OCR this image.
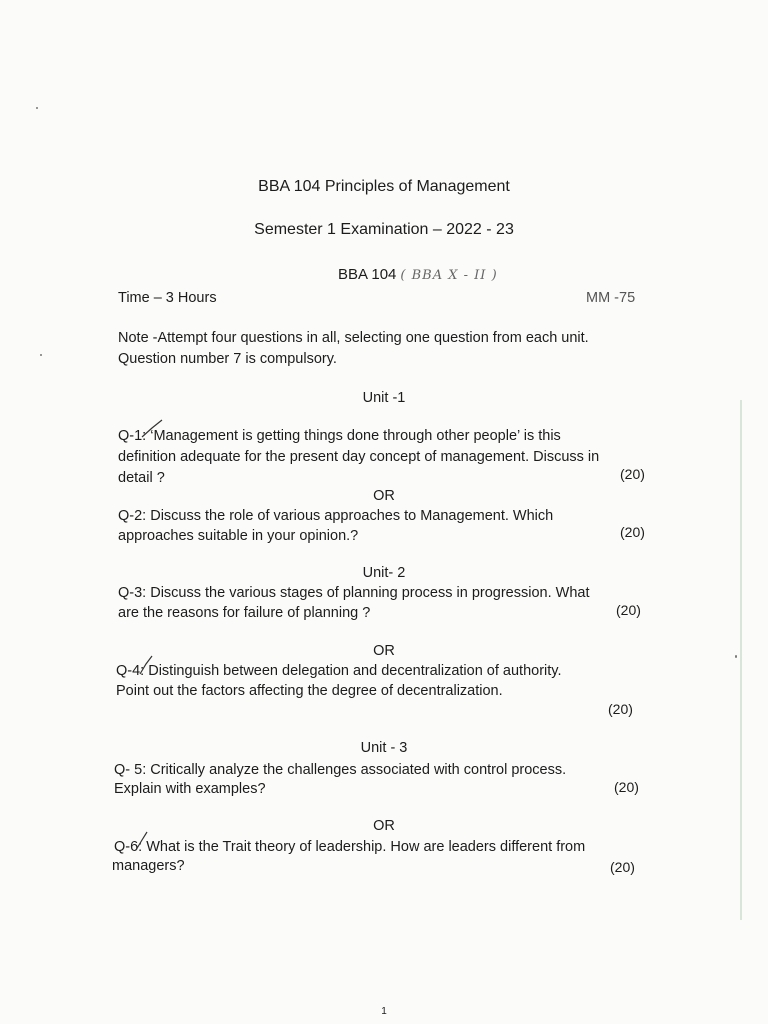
BBA 104 Principles of Management
Semester 1 Examination – 2022 - 23
BBA 104 ( BBA X - II )
Time – 3 Hours	MM -75
Note -Attempt four questions in all, selecting one question from each unit.
Question number 7 is compulsory.
Unit -1
Q-1: ‘Management is getting things done through other people’ is this
definition adequate for the present day concept of management. Discuss in
detail ?	(20)
OR
Q-2: Discuss the role of various approaches to Management. Which
approaches suitable in your opinion.?	(20)
Unit- 2
Q-3: Discuss the various stages of planning process in progression. What
are the reasons for failure of planning ?	(20)
OR
Q-4: Distinguish between delegation and decentralization of authority.
Point out the factors affecting the degree of decentralization.
(20)
Unit - 3
Q- 5: Critically analyze the challenges associated with control process.
Explain with examples?	(20)
OR
Q-6: What is the Trait theory of leadership. How are leaders different from
managers?	(20)
1
